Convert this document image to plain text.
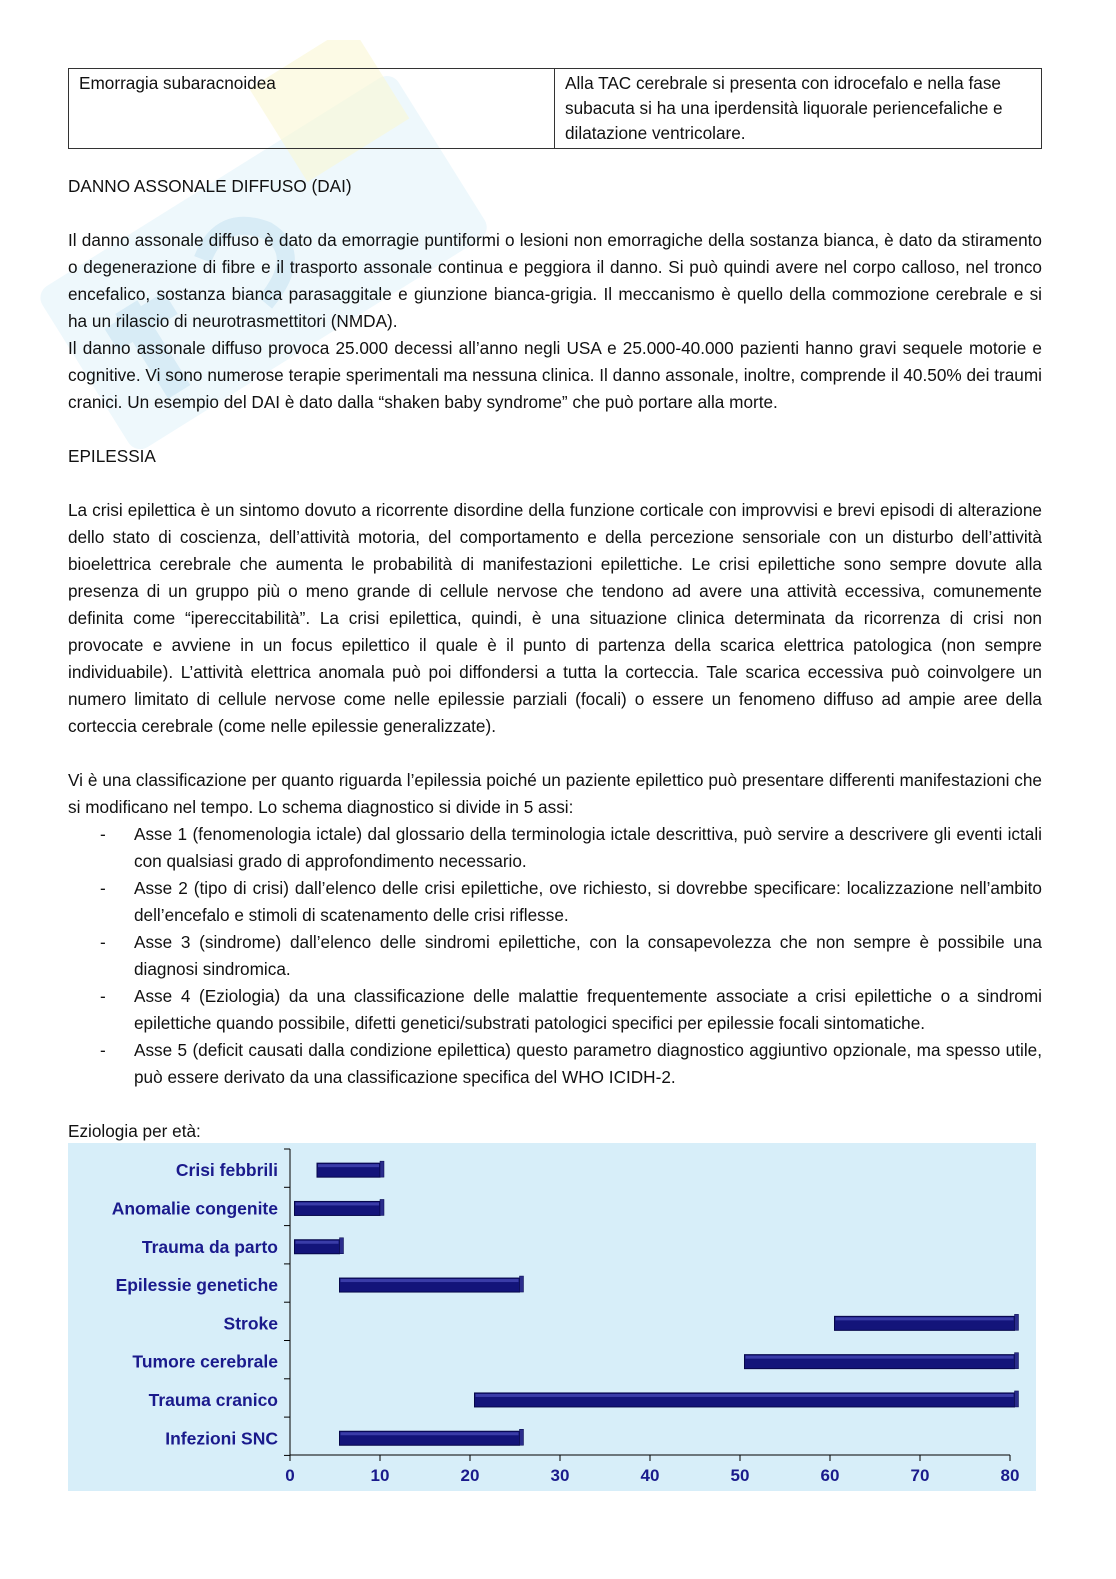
Emorragia subaracnoidea	Alla TAC cerebrale si presenta con idrocefalo e nella fase subacuta si ha una iperdensità liquorale periencefaliche e dilatazione ventricolare.
DANNO ASSONALE DIFFUSO (DAI)

Il danno assonale diffuso è dato da emorragie puntiformi o lesioni non emorragiche della sostanza bianca, è dato da stiramento o degenerazione di fibre e il trasporto assonale continua e peggiora il danno. Si può quindi avere nel corpo calloso, nel tronco encefalico, sostanza bianca parasaggitale e giunzione bianca-grigia. Il meccanismo è quello della commozione cerebrale e si ha un rilascio di neurotrasmettitori (NMDA).

Il danno assonale diffuso provoca 25.000 decessi all’anno negli USA e 25.000-40.000 pazienti hanno gravi sequele motorie e cognitive. Vi sono numerose terapie sperimentali ma nessuna clinica. Il danno assonale, inoltre, comprende il 40.50% dei traumi cranici. Un esempio del DAI è dato dalla “shaken baby syndrome” che può portare alla morte.

EPILESSIA

La crisi epilettica è un sintomo dovuto a ricorrente disordine della funzione corticale con improvvisi e brevi episodi di alterazione dello stato di coscienza, dell’attività motoria, del comportamento e della percezione sensoriale con un disturbo dell’attività bioelettrica cerebrale che aumenta le probabilità di manifestazioni epilettiche. Le crisi epilettiche sono sempre dovute alla presenza di un gruppo più o meno grande di cellule nervose che tendono ad avere una attività eccessiva, comunemente definita come “ipereccitabilità”. La crisi epilettica, quindi, è una situazione clinica determinata da ricorrenza di crisi non provocate e avviene in un focus epilettico il quale è il punto di partenza della scarica elettrica patologica (non sempre individuabile). L’attività elettrica anomala può poi diffondersi a tutta la corteccia. Tale scarica eccessiva può coinvolgere un numero limitato di cellule nervose come nelle epilessie parziali (focali) o essere un fenomeno diffuso ad ampie aree della corteccia cerebrale (come nelle epilessie generalizzate).

Vi è una classificazione per quanto riguarda l’epilessia poiché un paziente epilettico può presentare differenti manifestazioni che si modificano nel tempo. Lo schema diagnostico si divide in 5 assi:

- Asse 1 (fenomenologia ictale) dal glossario della terminologia ictale descrittiva, può servire a descrivere gli eventi ictali con qualsiasi grado di approfondimento necessario.
- Asse 2 (tipo di crisi) dall’elenco delle crisi epilettiche, ove richiesto, si dovrebbe specificare: localizzazione nell’ambito dell’encefalo e stimoli di scatenamento delle crisi riflesse.
- Asse 3 (sindrome) dall’elenco delle sindromi epilettiche, con la consapevolezza che non sempre è possibile una diagnosi sindromica.
- Asse 4 (Eziologia) da una classificazione delle malattie frequentemente associate a crisi epilettiche o a sindromi epilettiche quando possibile, difetti genetici/substrati patologici specifici per epilessie focali sintomatiche.
- Asse 5 (deficit causati dalla condizione epilettica) questo parametro diagnostico aggiuntivo opzionale, ma spesso utile, può essere derivato da una classificazione specifica del WHO ICIDH-2.

Eziologia per età:

0	10	20	30	40	50	60	70	80
Crisi febbrili
Anomalie congenite
Trauma da parto
Epilessie genetiche
Stroke
Tumore cerebrale
Trauma cranico
Infezioni SNC
